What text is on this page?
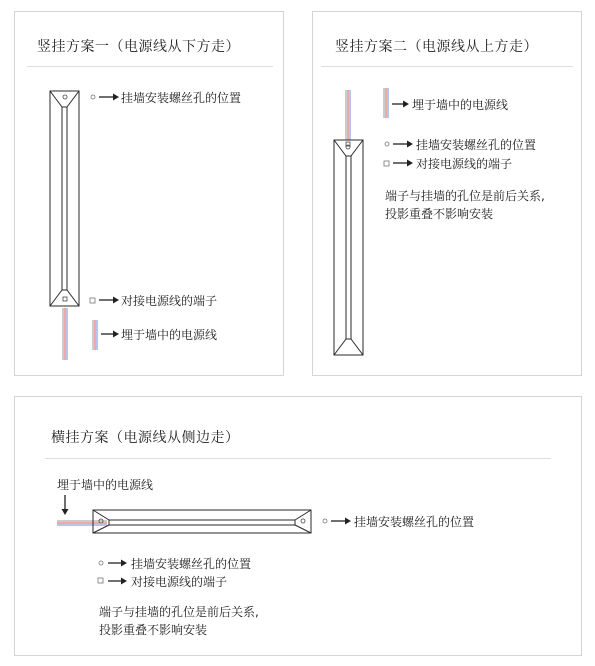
竖挂方案一（电源线从下方走）
挂墙安装螺丝孔的位置
对接电源线的端子
埋于墙中的电源线
竖挂方案二（电源线从上方走）
埋于墙中的电源线
挂墙安装螺丝孔的位置
对接电源线的端子
端子与挂墙的孔位是前后关系,
投影重叠不影响安装
横挂方案（电源线从侧边走）
埋于墙中的电源线
挂墙安装螺丝孔的位置
挂墙安装螺丝孔的位置
对接电源线的端子
端子与挂墙的孔位是前后关系,
投影重叠不影响安装
